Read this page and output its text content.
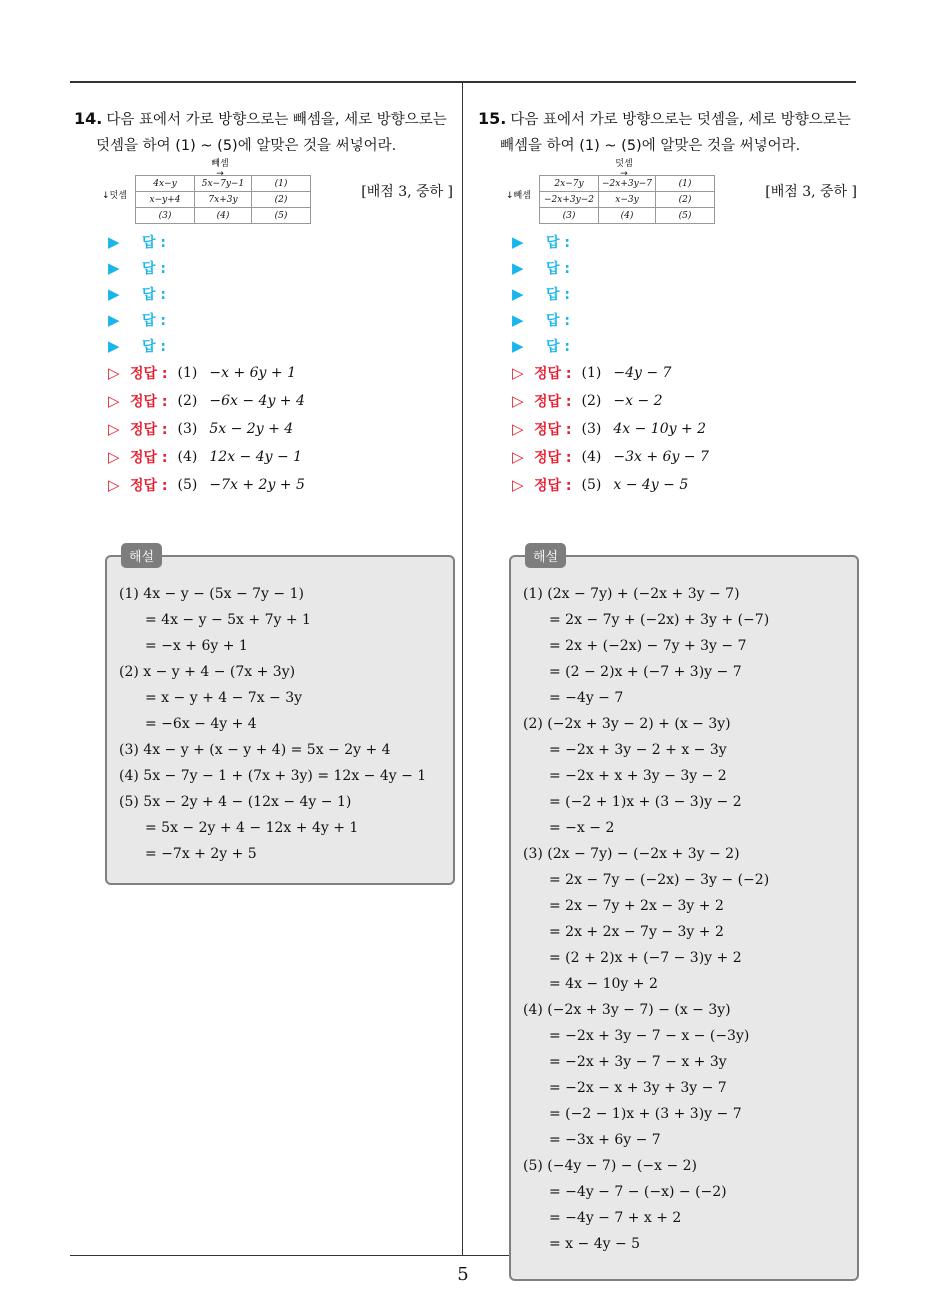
5

14. 다음 표에서 가로 방향으로는 빼셈을, 세로 방향으로는
덧셈을 하여 (1) ~ (5)에 알맞은 것을 써넣어라.

빼셈
→
↓덧셈
4x−y	5x−7y−1	(1)
x−y+4	7x+3y	(2)
(3)	(4)	(5)
[배점 3, 중하 ]
▶	답 :
▶	답 :
▶	답 :
▶	답 :
▶	답 :
▷ 정답 : (1) −x + 6y + 1
▷ 정답 : (2) −6x − 4y + 4
▷ 정답 : (3) 5x − 2y + 4
▷ 정답 : (4) 12x − 4y − 1
▷ 정답 : (5) −7x + 2y + 5
해설
(1) 4x − y − (5x − 7y − 1)
= 4x − y − 5x + 7y + 1
= −x + 6y + 1
(2) x − y + 4 − (7x + 3y)
= x − y + 4 − 7x − 3y
= −6x − 4y + 4
(3) 4x − y + (x − y + 4) = 5x − 2y + 4
(4) 5x − 7y − 1 + (7x + 3y) = 12x − 4y − 1
(5) 5x − 2y + 4 − (12x − 4y − 1)
= 5x − 2y + 4 − 12x + 4y + 1
= −7x + 2y + 5

15. 다음 표에서 가로 방향으로는 덧셈을, 세로 방향으로는
빼셈을 하여 (1) ~ (5)에 알맞은 것을 써넣어라.

덧셈
→
↓빼셈
2x−7y	−2x+3y−7	(1)
−2x+3y−2	x−3y	(2)
(3)	(4)	(5)
[배점 3, 중하 ]
▶	답 :
▶	답 :
▶	답 :
▶	답 :
▶	답 :
▷ 정답 : (1) −4y − 7
▷ 정답 : (2) −x − 2
▷ 정답 : (3) 4x − 10y + 2
▷ 정답 : (4) −3x + 6y − 7
▷ 정답 : (5) x − 4y − 5
해설
(1) (2x − 7y) + (−2x + 3y − 7)
= 2x − 7y + (−2x) + 3y + (−7)
= 2x + (−2x) − 7y + 3y − 7
= (2 − 2)x + (−7 + 3)y − 7
= −4y − 7
(2) (−2x + 3y − 2) + (x − 3y)
= −2x + 3y − 2 + x − 3y
= −2x + x + 3y − 3y − 2
= (−2 + 1)x + (3 − 3)y − 2
= −x − 2
(3) (2x − 7y) − (−2x + 3y − 2)
= 2x − 7y − (−2x) − 3y − (−2)
= 2x − 7y + 2x − 3y + 2
= 2x + 2x − 7y − 3y + 2
= (2 + 2)x + (−7 − 3)y + 2
= 4x − 10y + 2
(4) (−2x + 3y − 7) − (x − 3y)
= −2x + 3y − 7 − x − (−3y)
= −2x + 3y − 7 − x + 3y
= −2x − x + 3y + 3y − 7
= (−2 − 1)x + (3 + 3)y − 7
= −3x + 6y − 7
(5) (−4y − 7) − (−x − 2)
= −4y − 7 − (−x) − (−2)
= −4y − 7 + x + 2
= x − 4y − 5
